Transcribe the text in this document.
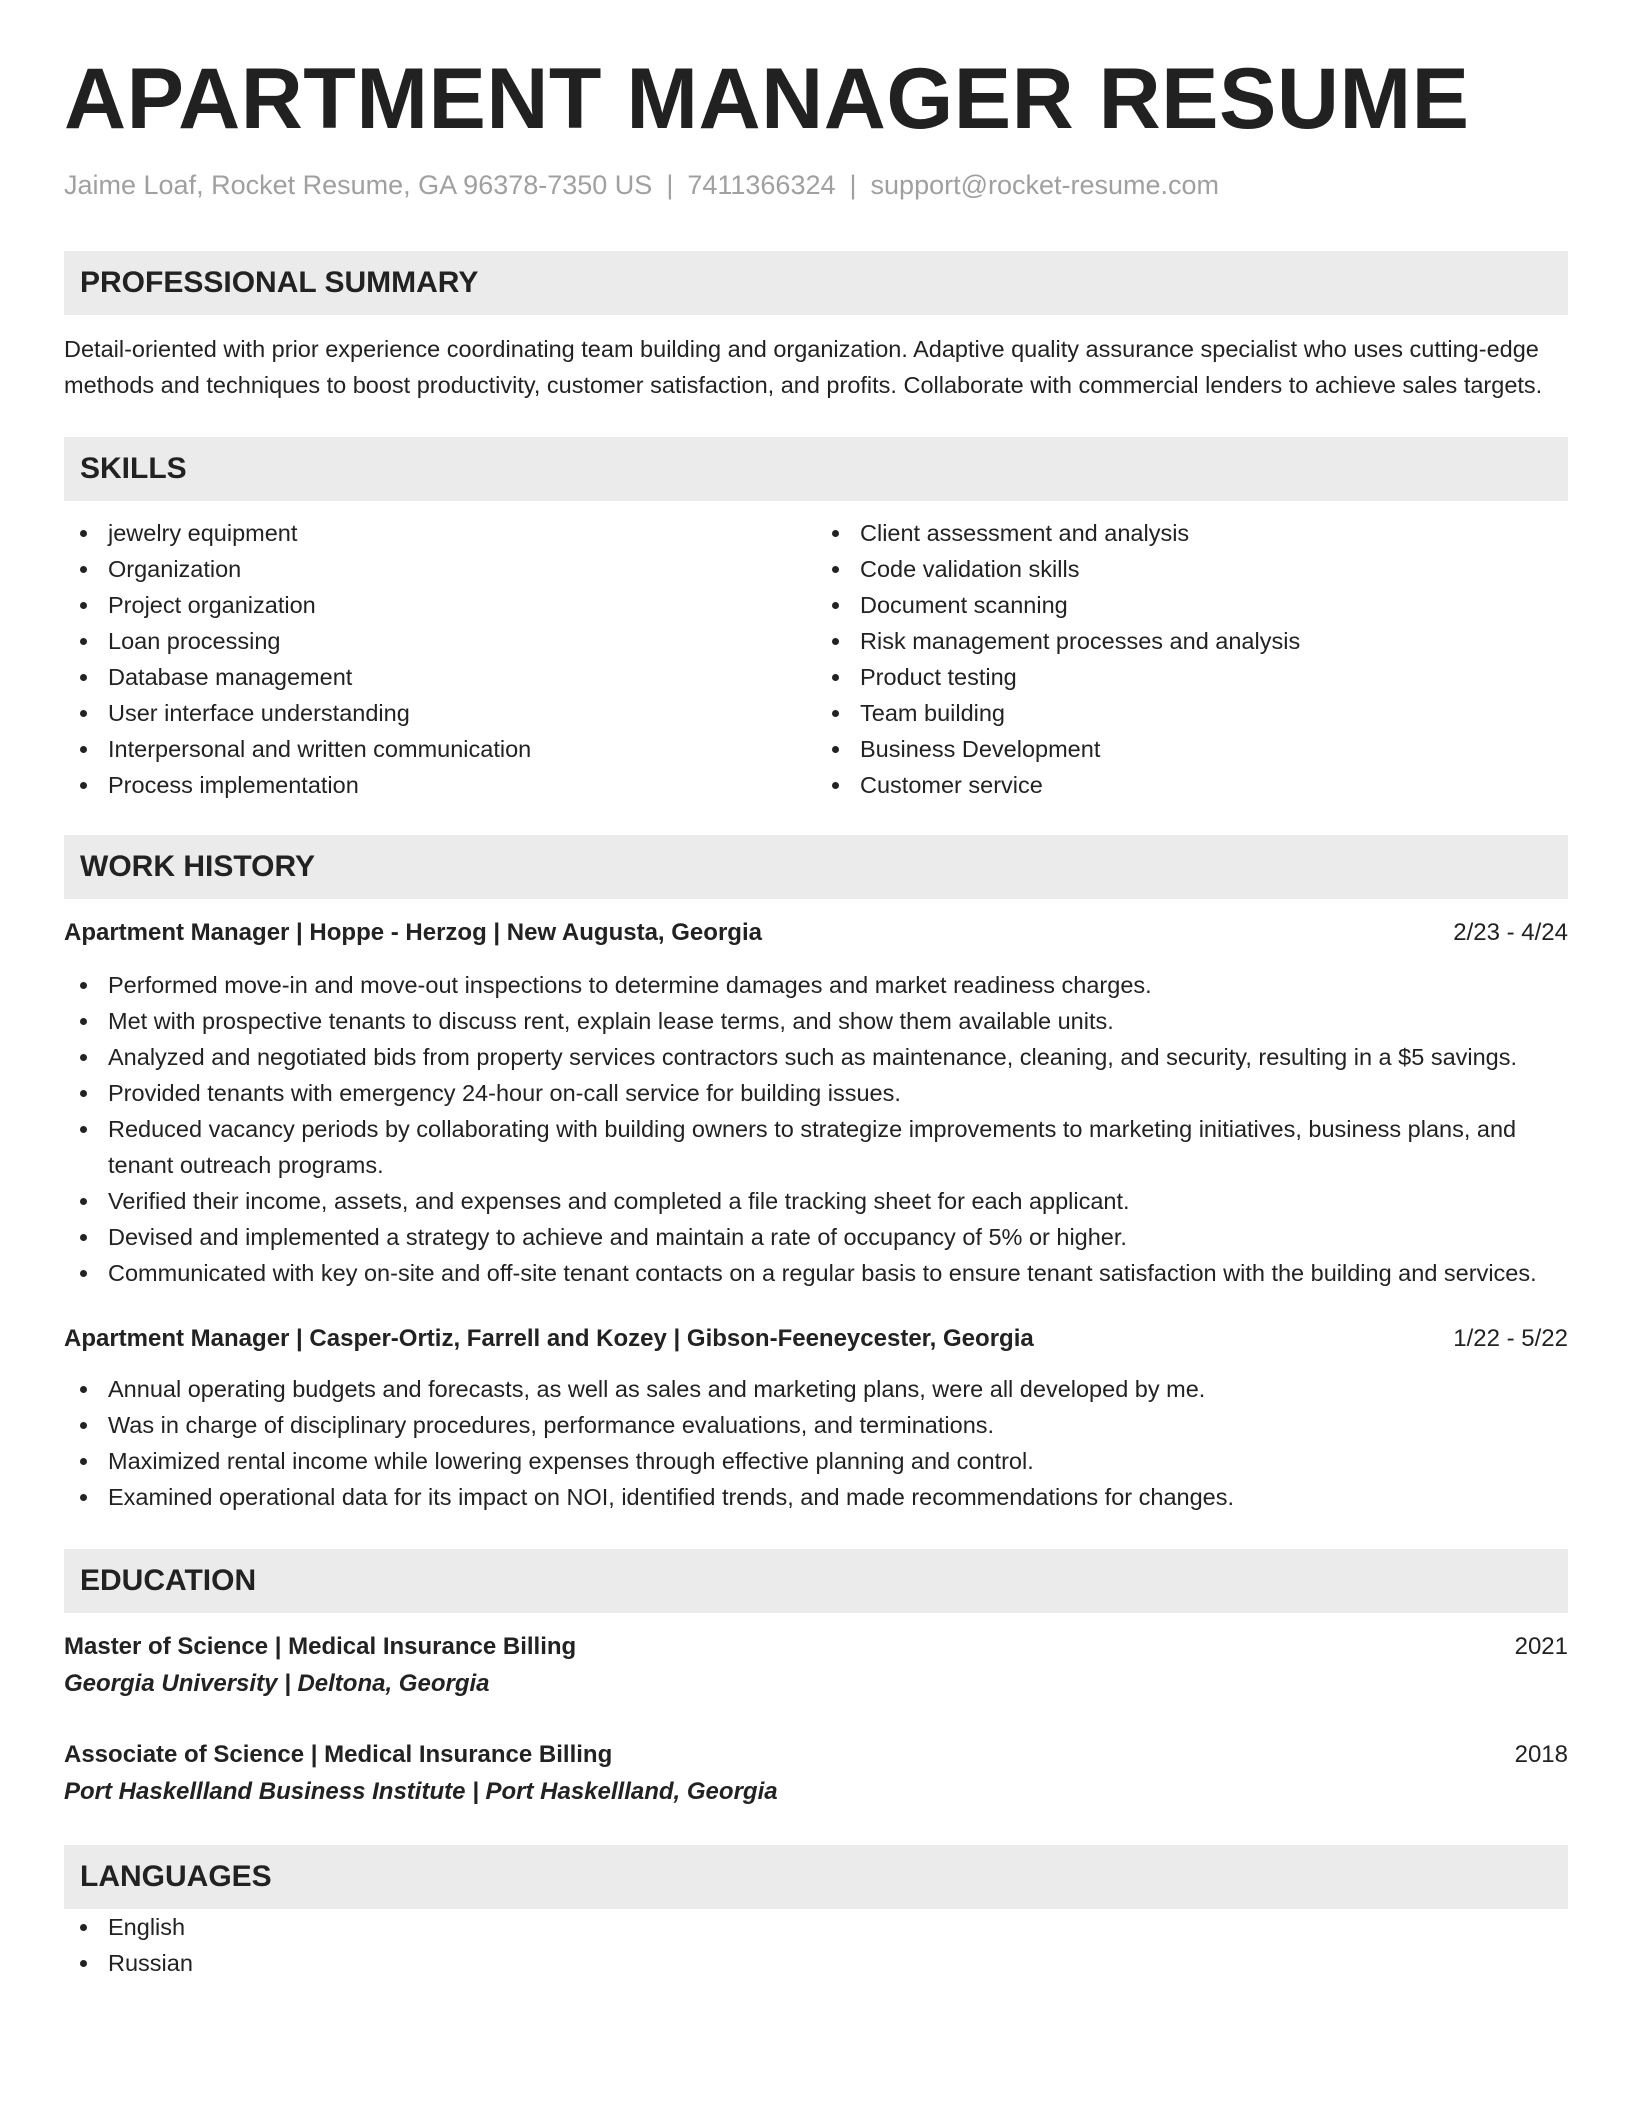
APARTMENT MANAGER RESUME
Jaime Loaf, Rocket Resume, GA 96378-7350 US | 7411366324 | support@rocket-resume.com
PROFESSIONAL SUMMARY

Detail-oriented with prior experience coordinating team building and organization. Adaptive quality assurance specialist who uses cutting-edge methods and techniques to boost productivity, customer satisfaction, and profits. Collaborate with commercial lenders to achieve sales targets.

SKILLS
jewelry equipment
Organization
Project organization
Loan processing
Database management
User interface understanding
Interpersonal and written communication
Process implementation
Client assessment and analysis
Code validation skills
Document scanning
Risk management processes and analysis
Product testing
Team building
Business Development
Customer service
WORK HISTORY
Apartment Manager | Hoppe - Herzog | New Augusta, Georgia	2/23 - 4/24
Performed move-in and move-out inspections to determine damages and market readiness charges.
Met with prospective tenants to discuss rent, explain lease terms, and show them available units.
Analyzed and negotiated bids from property services contractors such as maintenance, cleaning, and security, resulting in a $5 savings.
Provided tenants with emergency 24-hour on-call service for building issues.
Reduced vacancy periods by collaborating with building owners to strategize improvements to marketing initiatives, business plans, and tenant outreach programs.
Verified their income, assets, and expenses and completed a file tracking sheet for each applicant.
Devised and implemented a strategy to achieve and maintain a rate of occupancy of 5% or higher.
Communicated with key on-site and off-site tenant contacts on a regular basis to ensure tenant satisfaction with the building and services.
Apartment Manager | Casper-Ortiz, Farrell and Kozey | Gibson-Feeneycester, Georgia	1/22 - 5/22
Annual operating budgets and forecasts, as well as sales and marketing plans, were all developed by me.
Was in charge of disciplinary procedures, performance evaluations, and terminations.
Maximized rental income while lowering expenses through effective planning and control.
Examined operational data for its impact on NOI, identified trends, and made recommendations for changes.
EDUCATION
Master of Science | Medical Insurance Billing	2021
Georgia University | Deltona, Georgia
Associate of Science | Medical Insurance Billing	2018
Port Haskellland Business Institute | Port Haskellland, Georgia
LANGUAGES
English
Russian
